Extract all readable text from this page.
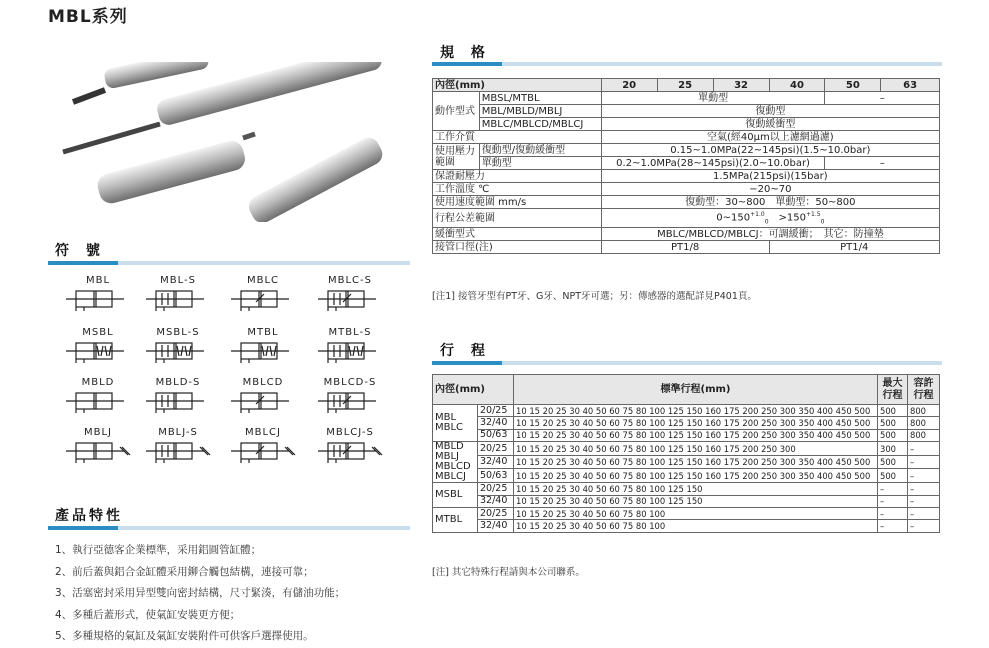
MBL系列
符 號
MBL	MBL-S	MBLC	MBLC-S
MSBL	MSBL-S	MTBL	MTBL-S
MBLD	MBLD-S	MBLCD	MBLCD-S
MBLJ	MBLJ-S	MBLCJ	MBLCJ-S
產品特性
1、執行亞德客企業標準，采用鋁圓管缸體；
2、前后蓋與鋁合金缸體采用鉚合觸包結構，連接可靠；
3、活塞密封采用异型雙向密封結構，尺寸緊湊，有儲油功能；
4、多種后蓋形式，使氣缸安裝更方便；
5、多種規格的氣缸及氣缸安裝附件可供客戶選擇使用。
規 格
內徑(mm)		20	25	32	40	50	63
動作型式	MBSL/MTBL	單動型				–	
	MBL/MBLD/MBLJ	復動型					
	MBLC/MBLCD/MBLCJ	復動緩衝型					
工作介質		空氣(經40μm以上濾網過濾)					
使用壓力範圍	復動型/復動緩衝型	0.15~1.0MPa(22~145psi)(1.5~10.0bar)					
	單動型	0.2~1.0MPa(28~145psi)(2.0~10.0bar)				–	
保證耐壓力		1.5MPa(215psi)(15bar)					
工作溫度 ℃		−20~70					
使用速度範圍 mm/s		復動型：30~800　單動型：50~800					
行程公差範圍		$0\sim 150^{+1.0}_0$　 $>150^{+1.5}_0$
緩衝型式		MBLC/MBLCD/MBLCJ：可調緩衝；　其它：防撞墊					
接管口徑(注)		PT1/8			PT1/4		
[注1] 接管牙型有PT牙、G牙、NPT牙可選；另：傳感器的選配詳見P401頁。
行 程
內徑(mm)		標準行程(mm)	最大行程	容許行程
MBL
MBLC	20/25	10 15 20 25 30 40 50 60 75 80 100 125 150 160 175 200 250 300 350 400 450 500	500	800
	32/40	10 15 20 25 30 40 50 60 75 80 100 125 150 160 175 200 250 300 350 400 450 500	500	800
	50/63	10 15 20 25 30 40 50 60 75 80 100 125 150 160 175 200 250 300 350 400 450 500	500	800
MBLD
MBLJ
MBLCD
MBLCJ	20/25	10 15 20 25 30 40 50 60 75 80 100 125 150 160 175 200 250 300	300	–
	32/40	10 15 20 25 30 40 50 60 75 80 100 125 150 160 175 200 250 300 350 400 450 500	500	–
	50/63	10 15 20 25 30 40 50 60 75 80 100 125 150 160 175 200 250 300 350 400 450 500	500	–
MSBL	20/25	10 15 20 25 30 40 50 60 75 80 100 125 150	–	–
	32/40	10 15 20 25 30 40 50 60 75 80 100 125 150	–	–
MTBL	20/25	10 15 20 25 30 40 50 60 75 80 100	–	–
	32/40	10 15 20 25 30 40 50 60 75 80 100	–	–
[注] 其它特殊行程請與本公司聯系。
